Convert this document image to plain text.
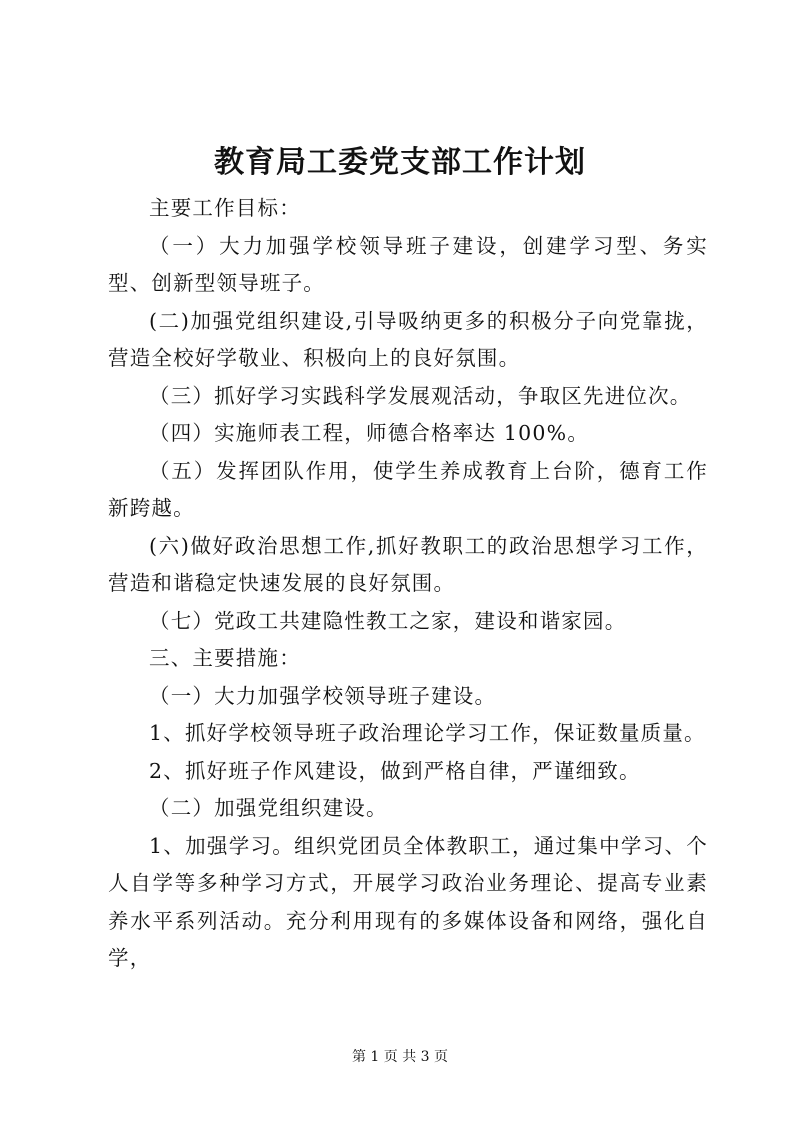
教育局工委党支部工作计划

主要工作目标：

（一）大力加强学校领导班子建设，创建学习型、务实型、创新型领导班子。

(二)加强党组织建设,引导吸纳更多的积极分子向党靠拢，营造全校好学敬业、积极向上的良好氛围。

（三）抓好学习实践科学发展观活动，争取区先进位次。

（四）实施师表工程，师德合格率达 100%。

（五）发挥团队作用，使学生养成教育上台阶，德育工作新跨越。

(六)做好政治思想工作,抓好教职工的政治思想学习工作，营造和谐稳定快速发展的良好氛围。

（七）党政工共建隐性教工之家，建设和谐家园。

三、主要措施：

（一）大力加强学校领导班子建设。

1、抓好学校领导班子政治理论学习工作，保证数量质量。

2、抓好班子作风建设，做到严格自律，严谨细致。

（二）加强党组织建设。

1、加强学习。组织党团员全体教职工，通过集中学习、个人自学等多种学习方式，开展学习政治业务理论、提高专业素养水平系列活动。充分利用现有的多媒体设备和网络，强化自学，

第 1 页 共 3 页
